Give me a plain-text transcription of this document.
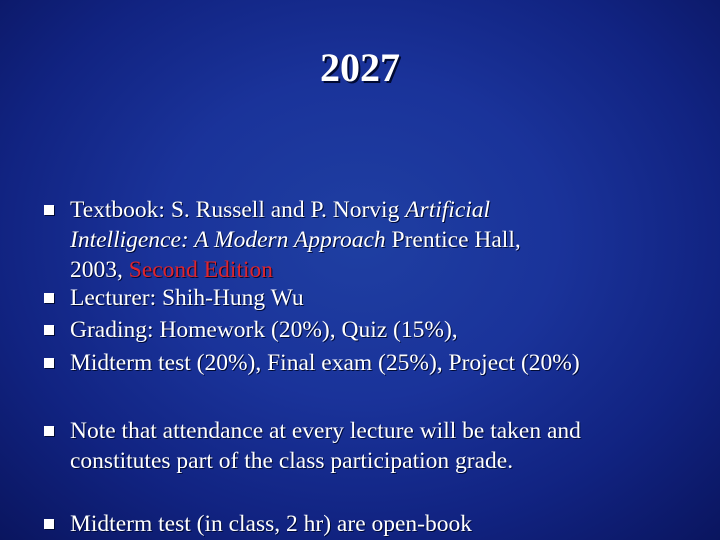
2027
Textbook: S. Russell and P. Norvig Artificial
Intelligence: A Modern Approach Prentice Hall,
2003, Second Edition
Lecturer: Shih-Hung Wu
Grading: Homework (20%), Quiz (15%),
Midterm test (20%), Final exam (25%), Project (20%)
Note that attendance at every lecture will be taken and
constitutes part of the class participation grade.
Midterm test (in class, 2 hr) are open-book
